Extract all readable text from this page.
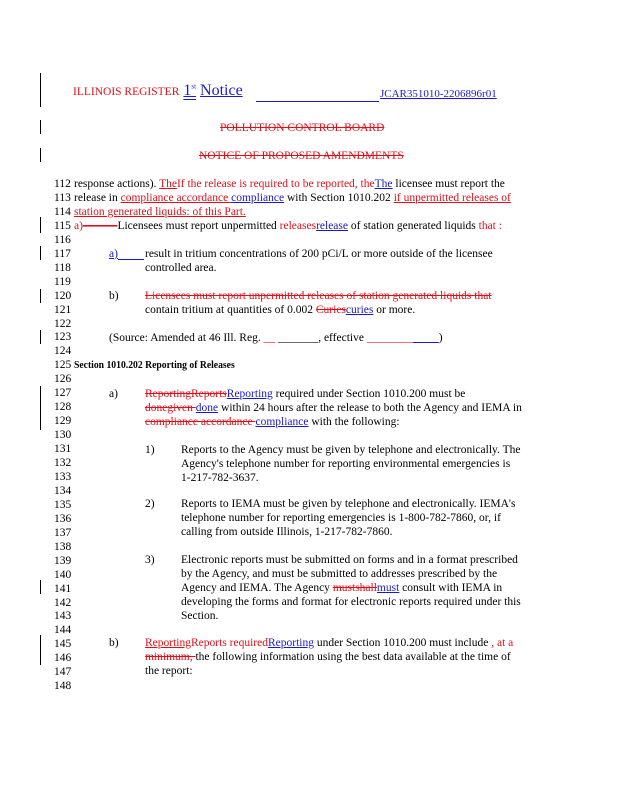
ILLINOIS REGISTER 1st Notice	JCAR351010-2206896r01
POLLUTION CONTROL BOARD
NOTICE OF PROPOSED AMENDMENTS
112
113
114
115
116
117
118
119
120
121
122
123
124
125
126
127
128
129
130
131
132
133
134
135
136
137
138
139
140
141
142
143
144
145
146
147
148
response actions). TheIf the release is required to be reported, theThe licensee must report the
release in compliance accordance compliance with Section 1010.202 if unpermitted releases of
station generated liquids: of this Part.
a)———Licensees must report unpermitted releasesrelease of station generated liquids that :
a) result in tritium concentrations of 200 pCi/L or more outside of the licensee
controlled area.
b) Licensees must report unpermitted releases of station generated liquids that
contain tritium at quantities of 0.002 Curiescuries or more.
(Source: Amended at 46 Ill. Reg. __ _______, effective ________ ____)
Section 1010.202 Reporting of Releases
a) ReportingReportsReporting required under Section 1010.200 must be
donegiven done within 24 hours after the release to both the Agency and IEMA in
compliance accordance compliance with the following:
1) Reports to the Agency must be given by telephone and electronically. The
Agency's telephone number for reporting environmental emergencies is
1-217-782-3637.
2) Reports to IEMA must be given by telephone and electronically. IEMA's
telephone number for reporting emergencies is 1-800-782-7860, or, if
calling from outside Illinois, 1-217-782-7860.
3) Electronic reports must be submitted on forms and in a format prescribed
by the Agency, and must be submitted to addresses prescribed by the
Agency and IEMA. The Agency mustshallmust consult with IEMA in
developing the forms and format for electronic reports required under this
Section.
b) ReportingReports requiredReporting under Section 1010.200 must include , at a
minimum, the following information using the best data available at the time of
the report:
